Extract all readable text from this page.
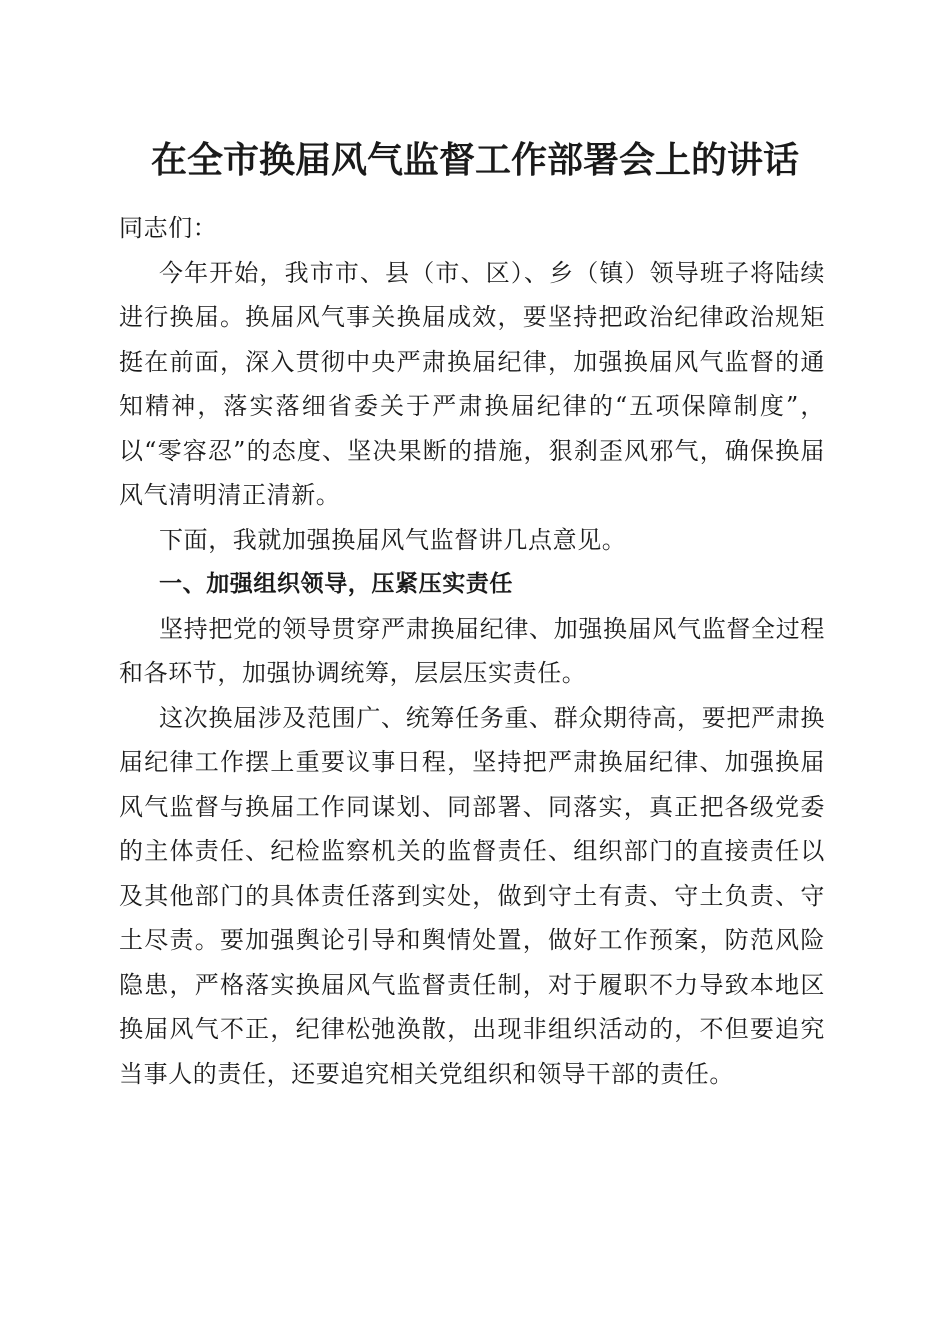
在全市换届风气监督工作部署会上的讲话

同志们：

今年开始，我市市、县（市、区）、乡（镇）领导班子将陆续进行换届。换届风气事关换届成效，要坚持把政治纪律政治规矩挺在前面，深入贯彻中央严肃换届纪律，加强换届风气监督的通知精神，落实落细省委关于严肃换届纪律的“五项保障制度”，以“零容忍”的态度、坚决果断的措施，狠刹歪风邪气，确保换届风气清明清正清新。

下面，我就加强换届风气监督讲几点意见。

一、加强组织领导，压紧压实责任

坚持把党的领导贯穿严肃换届纪律、加强换届风气监督全过程和各环节，加强协调统筹，层层压实责任。

这次换届涉及范围广、统筹任务重、群众期待高，要把严肃换届纪律工作摆上重要议事日程，坚持把严肃换届纪律、加强换届风气监督与换届工作同谋划、同部署、同落实，真正把各级党委的主体责任、纪检监察机关的监督责任、组织部门的直接责任以及其他部门的具体责任落到实处，做到守土有责、守土负责、守土尽责。要加强舆论引导和舆情处置，做好工作预案，防范风险隐患，严格落实换届风气监督责任制，对于履职不力导致本地区换届风气不正，纪律松弛涣散，出现非组织活动的，不但要追究当事人的责任，还要追究相关党组织和领导干部的责任。
